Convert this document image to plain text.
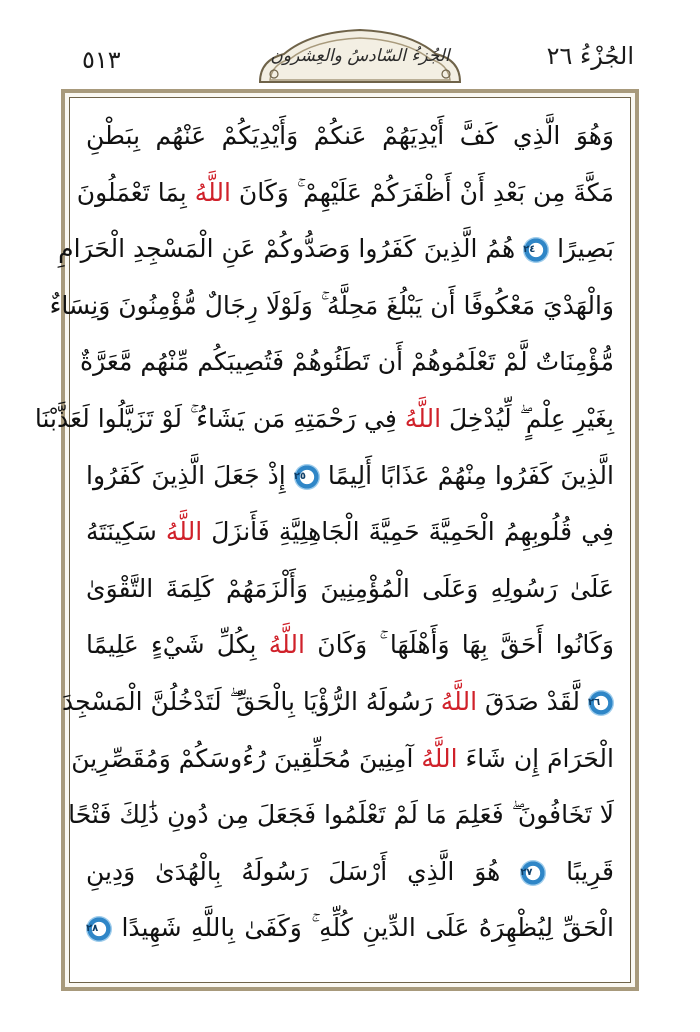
٥١٣	الجُزءُ السّادسُ والعِشرون	الجُزْءُ ٢٦
وَهُوَ الَّذِي كَفَّ أَيْدِيَهُمْ عَنكُمْ وَأَيْدِيَكُمْ عَنْهُم بِبَطْنِ
مَكَّةَ مِن بَعْدِ أَنْ أَظْفَرَكُمْ عَلَيْهِمْ ۚ وَكَانَ اللَّهُ بِمَا تَعْمَلُونَ
بَصِيرًا ٢٤ هُمُ الَّذِينَ كَفَرُوا وَصَدُّوكُمْ عَنِ الْمَسْجِدِ الْحَرَامِ
وَالْهَدْيَ مَعْكُوفًا أَن يَبْلُغَ مَحِلَّهُ ۚ وَلَوْلَا رِجَالٌ مُّؤْمِنُونَ وَنِسَاءٌ
مُّؤْمِنَاتٌ لَّمْ تَعْلَمُوهُمْ أَن تَطَئُوهُمْ فَتُصِيبَكُم مِّنْهُم مَّعَرَّةٌ
بِغَيْرِ عِلْمٍ ۖ لِّيُدْخِلَ اللَّهُ فِي رَحْمَتِهِ مَن يَشَاءُ ۚ لَوْ تَزَيَّلُوا لَعَذَّبْنَا
الَّذِينَ كَفَرُوا مِنْهُمْ عَذَابًا أَلِيمًا ٢٥ إِذْ جَعَلَ الَّذِينَ كَفَرُوا
فِي قُلُوبِهِمُ الْحَمِيَّةَ حَمِيَّةَ الْجَاهِلِيَّةِ فَأَنزَلَ اللَّهُ سَكِينَتَهُ
عَلَىٰ رَسُولِهِ وَعَلَى الْمُؤْمِنِينَ وَأَلْزَمَهُمْ كَلِمَةَ التَّقْوَىٰ
وَكَانُوا أَحَقَّ بِهَا وَأَهْلَهَا ۚ وَكَانَ اللَّهُ بِكُلِّ شَيْءٍ عَلِيمًا
٢٦ لَّقَدْ صَدَقَ اللَّهُ رَسُولَهُ الرُّؤْيَا بِالْحَقِّ ۖ لَتَدْخُلُنَّ الْمَسْجِدَ
الْحَرَامَ إِن شَاءَ اللَّهُ آمِنِينَ مُحَلِّقِينَ رُءُوسَكُمْ وَمُقَصِّرِينَ
لَا تَخَافُونَ ۖ فَعَلِمَ مَا لَمْ تَعْلَمُوا فَجَعَلَ مِن دُونِ ذَٰلِكَ فَتْحًا
قَرِيبًا ٢٧ هُوَ الَّذِي أَرْسَلَ رَسُولَهُ بِالْهُدَىٰ وَدِينِ
الْحَقِّ لِيُظْهِرَهُ عَلَى الدِّينِ كُلِّهِ ۚ وَكَفَىٰ بِاللَّهِ شَهِيدًا ٢٨
